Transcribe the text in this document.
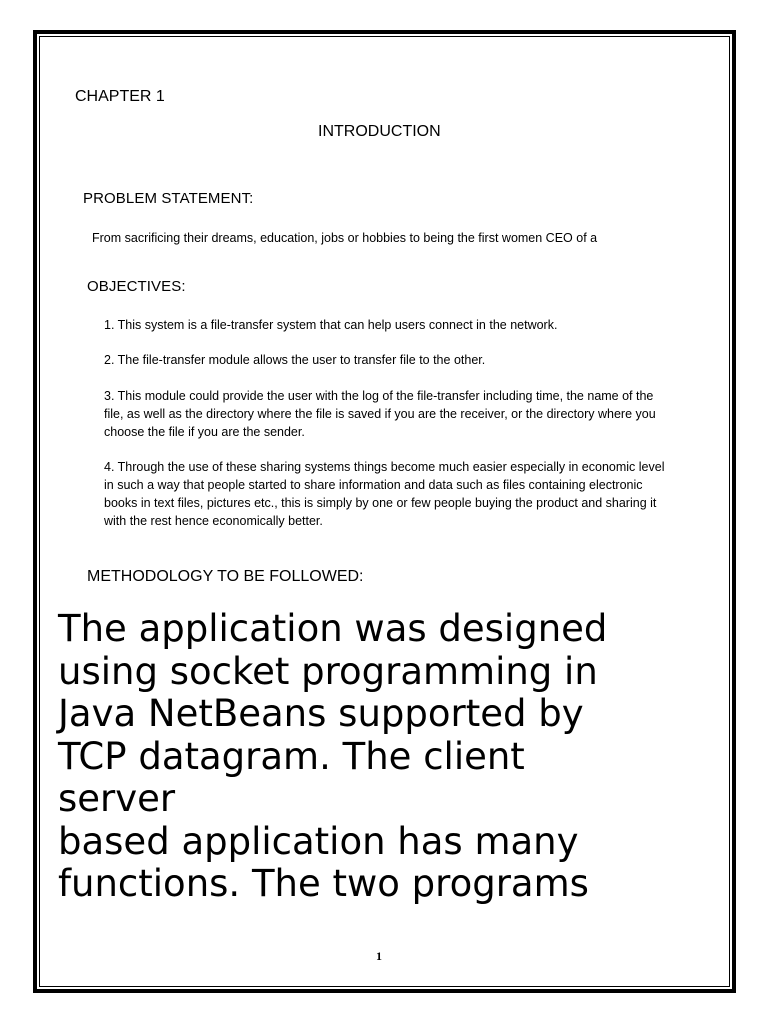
CHAPTER 1
INTRODUCTION
PROBLEM STATEMENT:
From sacrificing their dreams, education, jobs or hobbies to being the first women CEO of a
OBJECTIVES:
1. This system is a file-transfer system that can help users connect in the network.
2. The file-transfer module allows the user to transfer file to the other.
3. This module could provide the user with the log of the file-transfer including time, the name of the file, as well as the directory where the file is saved if you are the receiver, or the directory where you choose the file if you are the sender.
4. Through the use of these sharing systems things become much easier especially in economic level in such a way that people started to share information and data such as files containing electronic books in text files, pictures etc., this is simply by one or few people buying the product and sharing it with the rest hence economically better.
METHODOLOGY TO BE FOLLOWED:
The application was designed
using socket programming in
Java NetBeans supported by
TCP datagram. The client
server
based application has many
functions. The two programs
1
